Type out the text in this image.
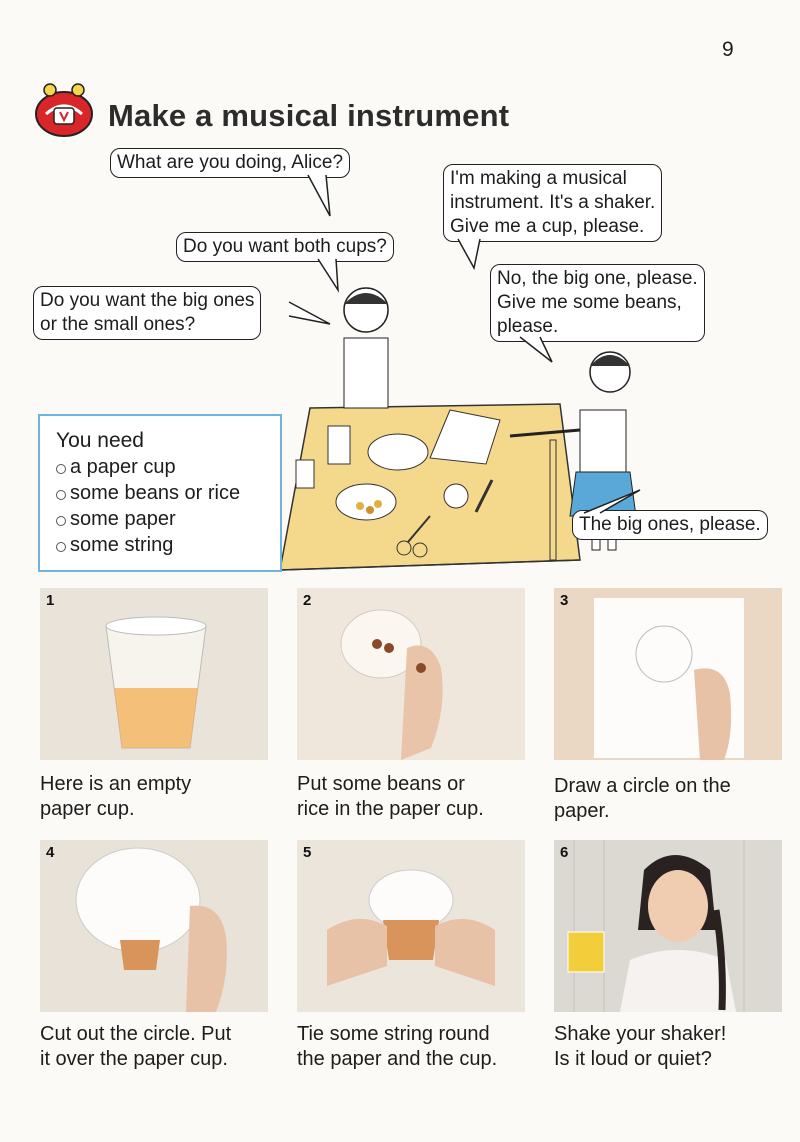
9
Make a musical instrument
What are you doing, Alice?
I'm making a musical
instrument. It's a shaker.
Give me a cup, please.
Do you want both cups?
No, the big one, please.
Give me some beans,
please.
Do you want the big ones
or the small ones?
You need
a paper cup
some beans or rice
some paper
some string
The big ones, please.
1	2	3
Here is an empty
paper cup.
Put some beans or
rice in the paper cup.
Draw a circle on the
paper.
4	5	6
Cut out the circle. Put
it over the paper cup.
Tie some string round
the paper and the cup.
Shake your shaker!
Is it loud or quiet?
